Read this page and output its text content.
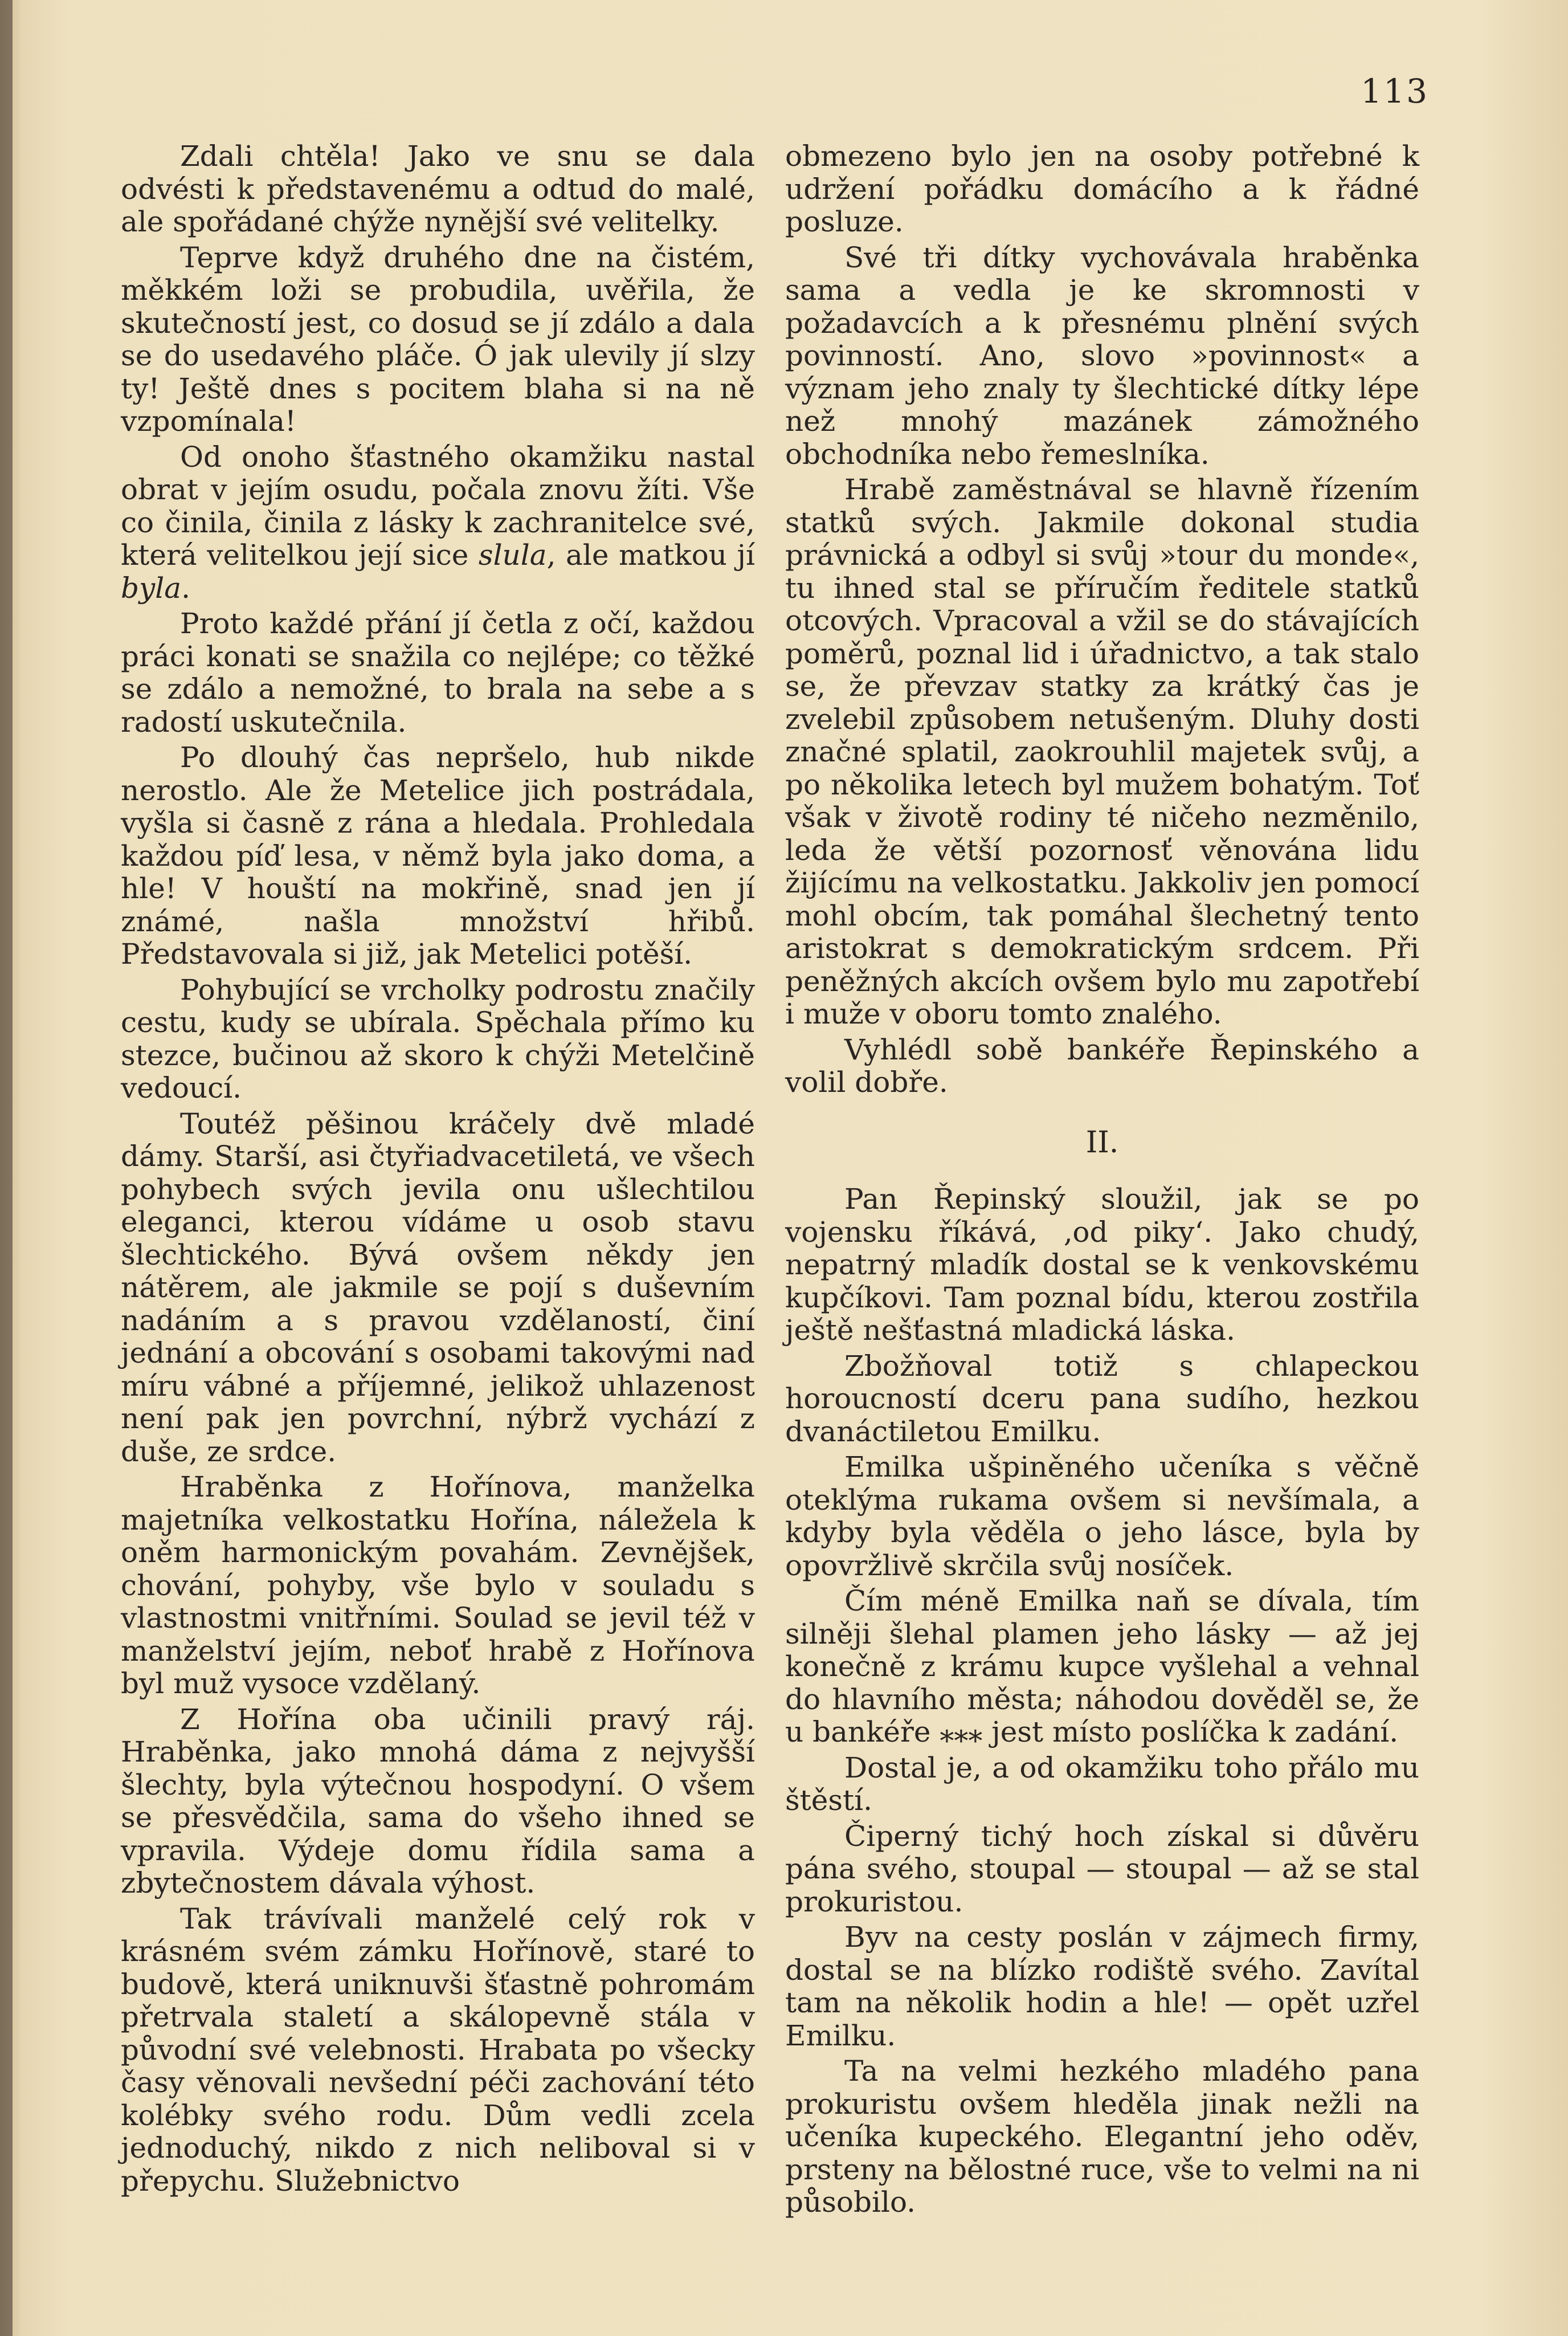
113

Zdali chtěla! Jako ve snu se dala odvésti k představenému a odtud do malé, ale spořádané chýže nynější své velitelky.

Teprve když druhého dne na čistém, měkkém loži se probudila, uvěřila, že skutečností jest, co dosud se jí zdálo a dala se do usedavého pláče. Ó jak ulevily jí slzy ty! Ještě dnes s pocitem blaha si na ně vzpomínala!

Od onoho šťastného okamžiku nastal obrat v jejím osudu, počala znovu žíti. Vše co činila, činila z lásky k zachranitelce své, která velitelkou její sice slula, ale matkou jí byla.

Proto každé přání jí četla z očí, každou práci konati se snažila co nejlépe; co těžké se zdálo a nemožné, to brala na sebe a s radostí uskutečnila.

Po dlouhý čas nepršelo, hub nikde nerostlo. Ale že Metelice jich postrádala, vyšla si časně z rána a hledala. Prohledala každou píď lesa, v němž byla jako doma, a hle! V houští na mokřině, snad jen jí známé, našla množství hřibů. Představovala si již, jak Metelici potěší.

Pohybující se vrcholky podrostu značily cestu, kudy se ubírala. Spěchala přímo ku stezce, bučinou až skoro k chýži Metelčině vedoucí.

Toutéž pěšinou kráčely dvě mladé dámy. Starší, asi čtyřiadvacetiletá, ve všech pohybech svých jevila onu ušlechtilou eleganci, kterou vídáme u osob stavu šlechtického. Bývá ovšem někdy jen nátěrem, ale jakmile se pojí s duševním nadáním a s pravou vzdělaností, činí jednání a obcování s osobami takovými nad míru vábné a příjemné, jelikož uhlazenost není pak jen povrchní, nýbrž vychází z duše, ze srdce.

Hraběnka z Hořínova, manželka majetníka velkostatku Hořína, náležela k oněm harmonickým povahám. Zevnějšek, chování, pohyby, vše bylo v souladu s vlastnostmi vnitřními. Soulad se jevil též v manželství jejím, neboť hrabě z Hořínova byl muž vysoce vzdělaný.

Z Hořína oba učinili pravý ráj. Hraběnka, jako mnohá dáma z nejvyšší šlechty, byla výtečnou hospodyní. O všem se přesvědčila, sama do všeho ihned se vpravila. Výdeje domu řídila sama a zbytečnostem dávala výhost.

Tak trávívali manželé celý rok v krásném svém zámku Hořínově, staré to budově, která uniknuvši šťastně pohromám přetrvala staletí a skálopevně stála v původní své velebnosti. Hrabata po všecky časy věnovali nevšední péči zachování této kolébky svého rodu. Dům vedli zcela jednoduchý, nikdo z nich neliboval si v přepychu. Služebnictvo

obmezeno bylo jen na osoby potřebné k udržení pořádku domácího a k řádné posluze.

Své tři dítky vychovávala hraběnka sama a vedla je ke skromnosti v požadavcích a k přesnému plnění svých povinností. Ano, slovo »povinnost« a význam jeho znaly ty šlechtické dítky lépe než mnohý mazánek zámožného obchodníka nebo řemeslníka.

Hrabě zaměstnával se hlavně řízením statků svých. Jakmile dokonal studia právnická a odbyl si svůj »tour du monde«, tu ihned stal se příručím ředitele statků otcových. Vpracoval a vžil se do stávajících poměrů, poznal lid i úřadnictvo, a tak stalo se, že převzav statky za krátký čas je zvelebil způsobem netušeným. Dluhy dosti značné splatil, zaokrouhlil majetek svůj, a po několika letech byl mužem bohatým. Toť však v životě rodiny té ničeho nezměnilo, leda že větší pozornosť věnována lidu žijícímu na velkostatku. Jakkoliv jen pomocí mohl obcím, tak pomáhal šlechetný tento aristokrat s demokratickým srdcem. Při peněžných akcích ovšem bylo mu zapotřebí i muže v oboru tomto znalého.

Vyhlédl sobě bankéře Řepinského a volil dobře.

II.

Pan Řepinský sloužil, jak se po vojensku říkává, ‚od piky‘. Jako chudý, nepatrný mladík dostal se k venkovskému kupčíkovi. Tam poznal bídu, kterou zostřila ještě nešťastná mladická láska.

Zbožňoval totiž s chlapeckou horoucností dceru pana sudího, hezkou dvanáctiletou Emilku.

Emilka ušpiněného učeníka s věčně oteklýma rukama ovšem si nevšímala, a kdyby byla věděla o jeho lásce, byla by opovržlivě skrčila svůj nosíček.

Čím méně Emilka naň se dívala, tím silněji šlehal plamen jeho lásky — až jej konečně z krámu kupce vyšlehal a vehnal do hlavního města; náhodou dověděl se, že u bankéře ⁎⁎⁎ jest místo poslíčka k zadání.

Dostal je, a od okamžiku toho přálo mu štěstí.

Čiperný tichý hoch získal si důvěru pána svého, stoupal — stoupal — až se stal prokuristou.

Byv na cesty poslán v zájmech firmy, dostal se na blízko rodiště svého. Zavítal tam na několik hodin a hle! — opět uzřel Emilku.

Ta na velmi hezkého mladého pana prokuristu ovšem hleděla jinak nežli na učeníka kupeckého. Elegantní jeho oděv, prsteny na bělostné ruce, vše to velmi na ni působilo.
